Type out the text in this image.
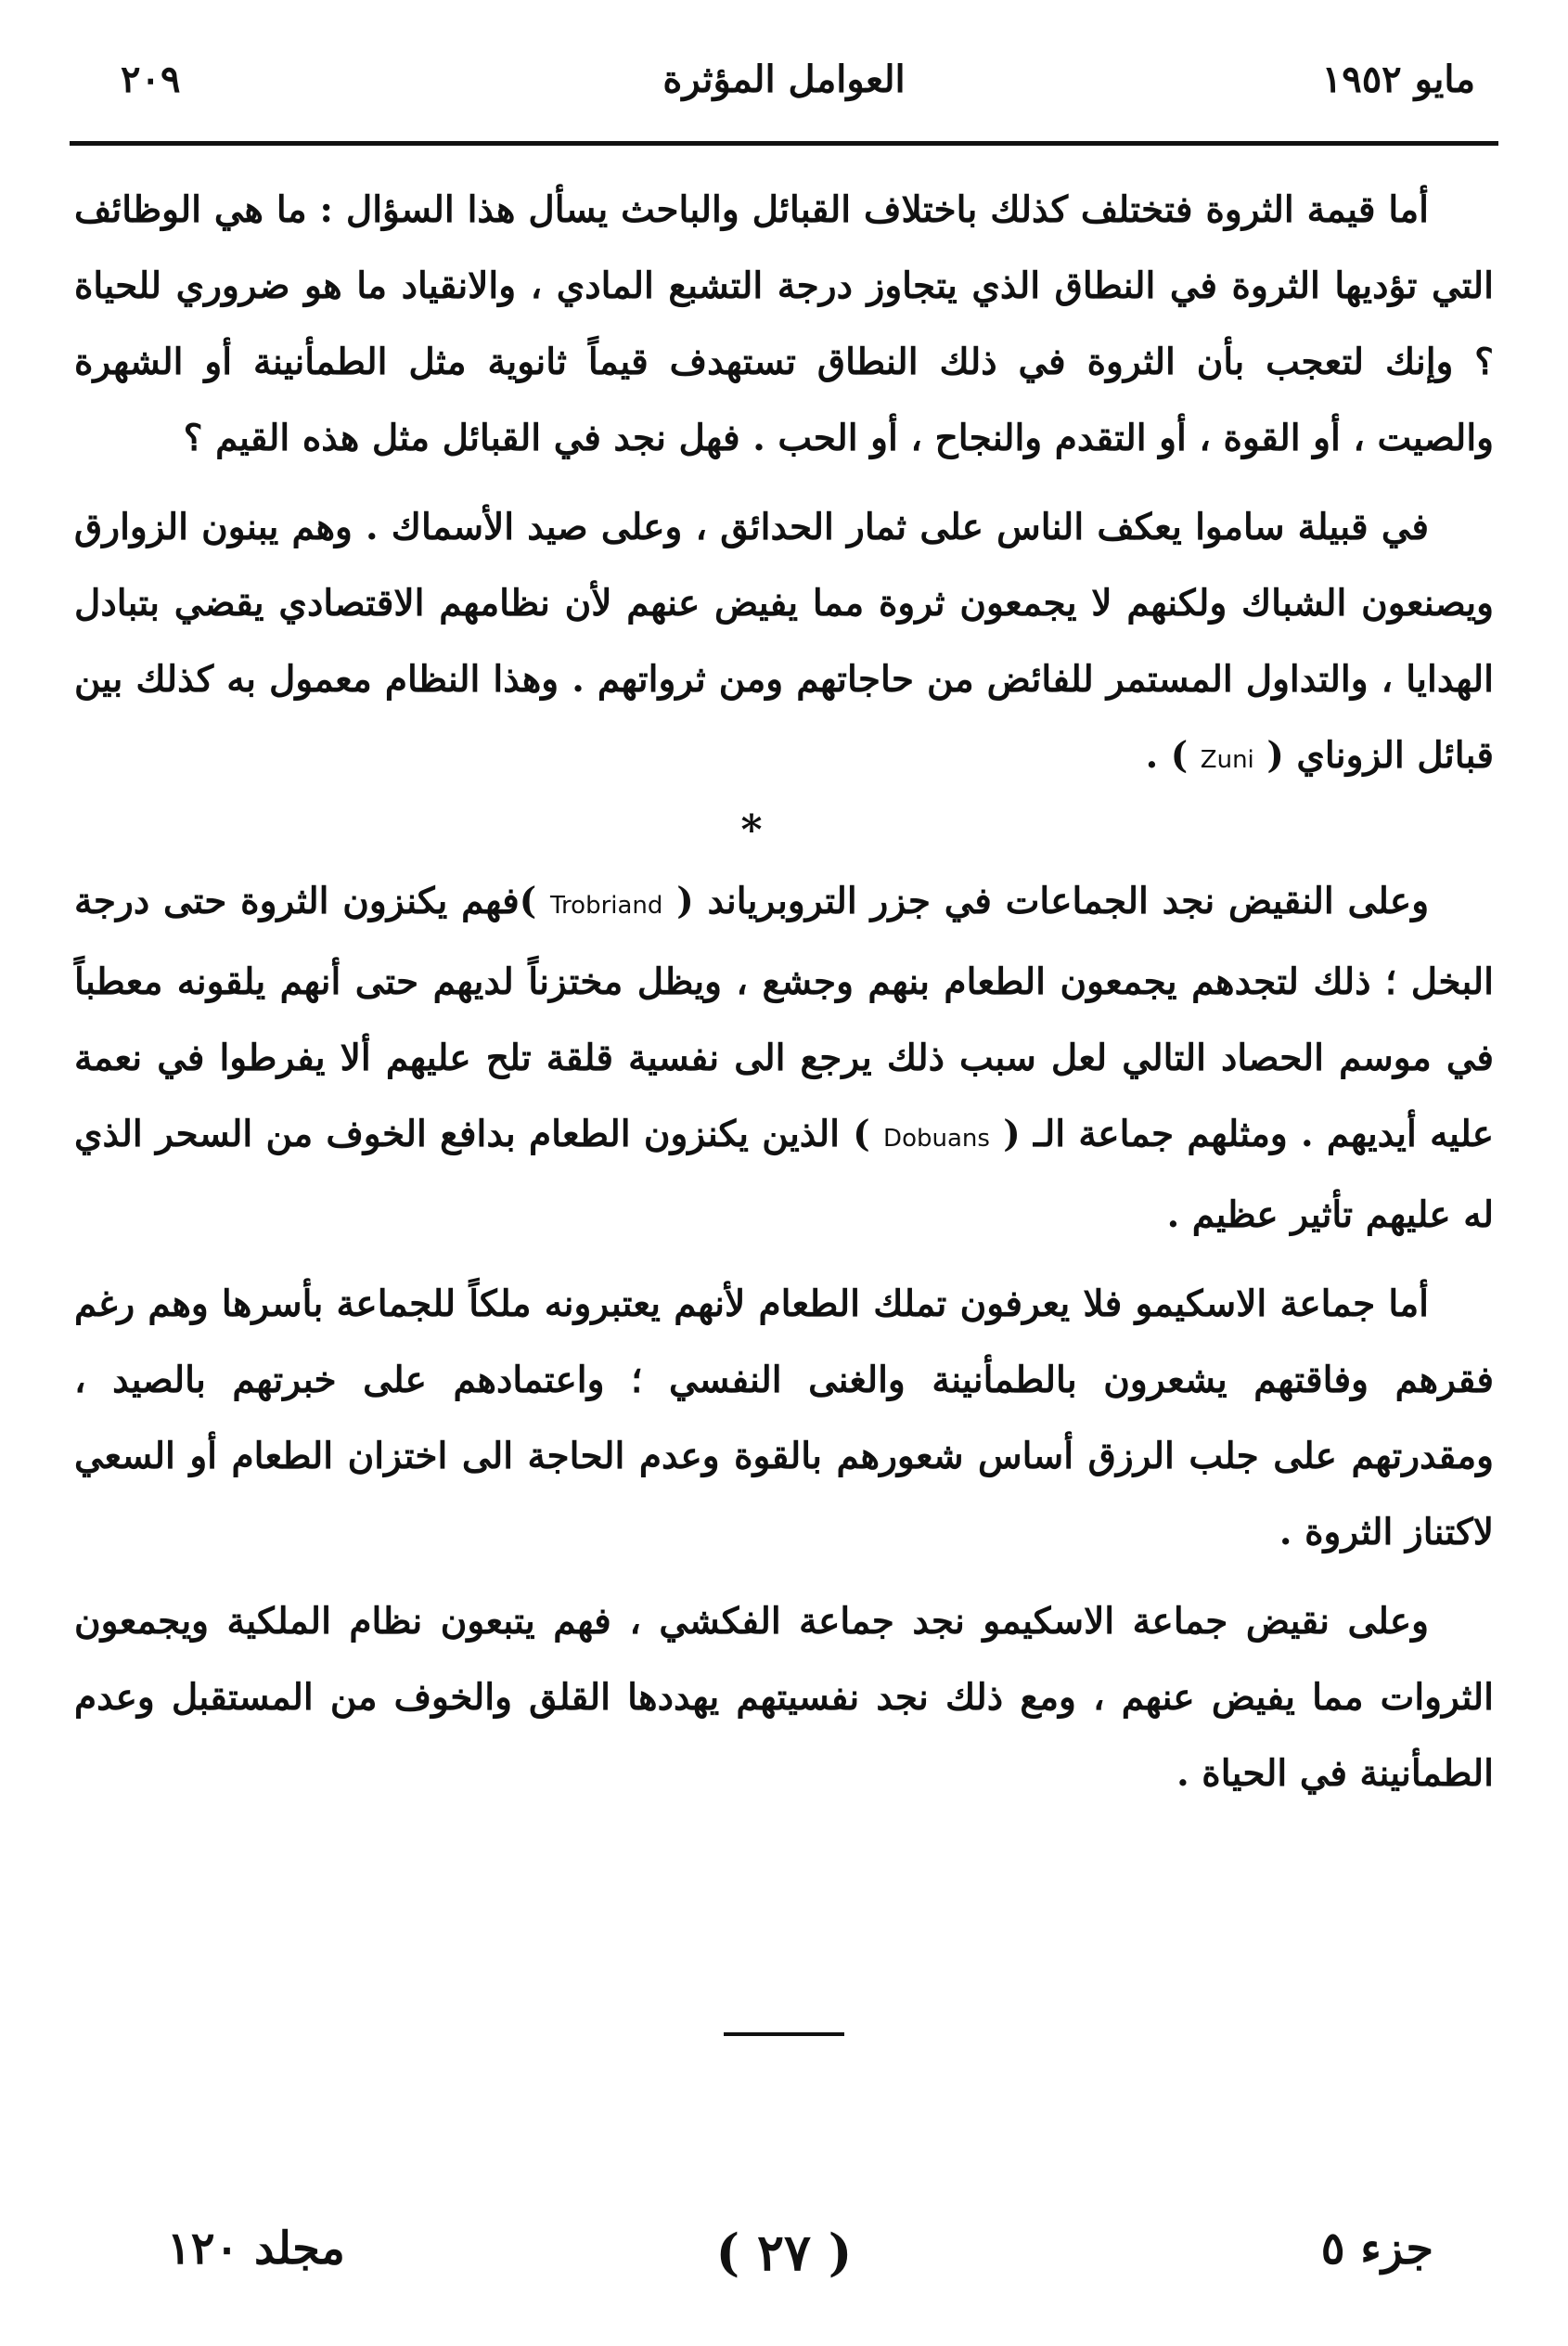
مايو ١٩٥٢
العوامل المؤثرة
٢٠٩

أما قيمة الثروة فتختلف كذلك باختلاف القبائل والباحث يسأل هذا السؤال : ما هي الوظائف التي تؤديها الثروة في النطاق الذي يتجاوز درجة التشبع المادي ، والانقياد ما هو ضروري للحياة ؟ وإنك لتعجب بأن الثروة في ذلك النطاق تستهدف قيماً ثانوية مثل الطمأنينة أو الشهرة والصيت ، أو القوة ، أو التقدم والنجاح ، أو الحب . فهل نجد في القبائل مثل هذه القيم ؟

في قبيلة ساموا يعكف الناس على ثمار الحدائق ، وعلى صيد الأسماك . وهم يبنون الزوارق ويصنعون الشباك ولكنهم لا يجمعون ثروة مما يفيض عنهم لأن نظامهم الاقتصادي يقضي بتبادل الهدايا ، والتداول المستمر للفائض من حاجاتهم ومن ثرواتهم . وهذا النظام معمول به كذلك بين قبائل الزوناي ( Zuni ) .

*

وعلى النقيض نجد الجماعات في جزر التروبرياند ( Trobriand )فهم يكنزون الثروة حتى درجة البخل ؛ ذلك لتجدهم يجمعون الطعام بنهم وجشع ، ويظل مختزناً لديهم حتى أنهم يلقونه معطباً في موسم الحصاد التالي لعل سبب ذلك يرجع الى نفسية قلقة تلح عليهم ألا يفرطوا في نعمة عليه أيديهم . ومثلهم جماعة الـ ( Dobuans ) الذين يكنزون الطعام بدافع الخوف من السحر الذي له عليهم تأثير عظيم .

أما جماعة الاسكيمو فلا يعرفون تملك الطعام لأنهم يعتبرونه ملكاً للجماعة بأسرها وهم رغم فقرهم وفاقتهم يشعرون بالطمأنينة والغنى النفسي ؛ واعتمادهم على خبرتهم بالصيد ، ومقدرتهم على جلب الرزق أساس شعورهم بالقوة وعدم الحاجة الى اختزان الطعام أو السعي لاكتناز الثروة .

وعلى نقيض جماعة الاسكيمو نجد جماعة الفكشي ، فهم يتبعون نظام الملكية ويجمعون الثروات مما يفيض عنهم ، ومع ذلك نجد نفسيتهم يهددها القلق والخوف من المستقبل وعدم الطمأنينة في الحياة .

جزء ٥
( ٢٧ )
مجلد ١٢٠
